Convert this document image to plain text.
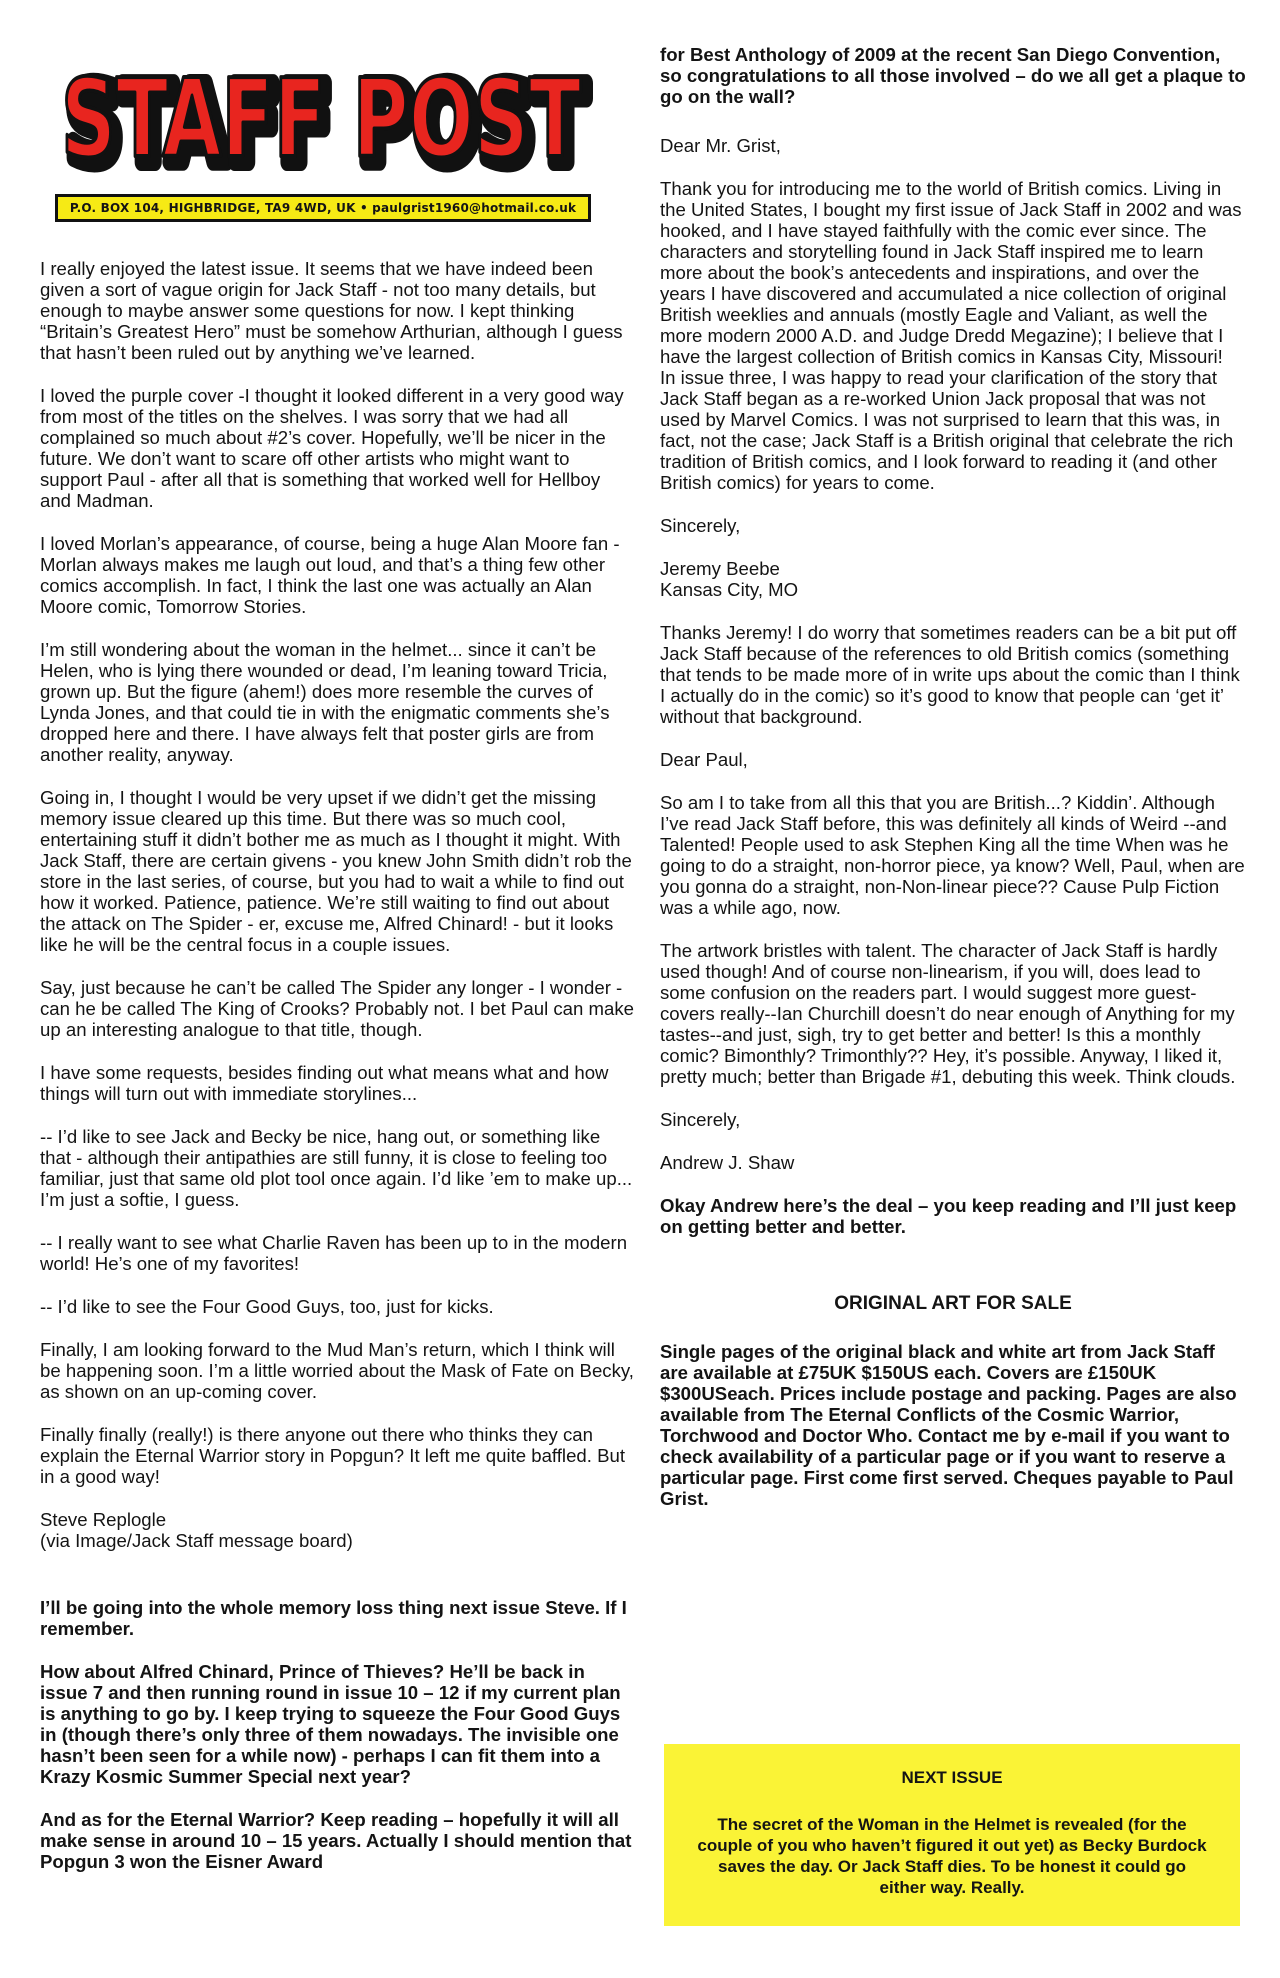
STAFF POST
STAFF POST
P.O. BOX 104, HIGHBRIDGE, TA9 4WD, UK • paulgrist1960@hotmail.co.uk

I really enjoyed the latest issue. It seems that we have indeed been given a sort of vague origin for Jack Staff - not too many details, but enough to maybe answer some questions for now. I kept thinking “Britain’s Greatest Hero” must be somehow Arthurian, although I guess that hasn’t been ruled out by anything we’ve learned.

I loved the purple cover -I thought it looked different in a very good way from most of the titles on the shelves. I was sorry that we had all complained so much about #2’s cover. Hopefully, we’ll be nicer in the future. We don’t want to scare off other artists who might want to support Paul - after all that is something that worked well for Hellboy and Madman.

I loved Morlan’s appearance, of course, being a huge Alan Moore fan - Morlan always makes me laugh out loud, and that’s a thing few other comics accomplish. In fact, I think the last one was actually an Alan Moore comic, Tomorrow Stories.

I’m still wondering about the woman in the helmet... since it can’t be Helen, who is lying there wounded or dead, I’m leaning toward Tricia, grown up. But the figure (ahem!) does more resemble the curves of Lynda Jones, and that could tie in with the enigmatic comments she’s dropped here and there. I have always felt that poster girls are from another reality, anyway.

Going in, I thought I would be very upset if we didn’t get the missing memory issue cleared up this time. But there was so much cool, entertaining stuff it didn’t bother me as much as I thought it might. With Jack Staff, there are certain givens - you knew John Smith didn’t rob the store in the last series, of course, but you had to wait a while to find out how it worked. Patience, patience. We’re still waiting to find out about the attack on The Spider - er, excuse me, Alfred Chinard! - but it looks like he will be the central focus in a couple issues.

Say, just because he can’t be called The Spider any longer - I wonder - can he be called The King of Crooks? Probably not. I bet Paul can make up an interesting analogue to that title, though.

I have some requests, besides finding out what means what and how things will turn out with immediate storylines...

-- I’d like to see Jack and Becky be nice, hang out, or something like that - although their antipathies are still funny, it is close to feeling too familiar, just that same old plot tool once again. I’d like ’em to make up... I’m just a softie, I guess.

-- I really want to see what Charlie Raven has been up to in the modern world! He’s one of my favorites!

-- I’d like to see the Four Good Guys, too, just for kicks.

Finally, I am looking forward to the Mud Man’s return, which I think will be happening soon. I’m a little worried about the Mask of Fate on Becky, as shown on an up-coming cover.

Finally finally (really!) is there anyone out there who thinks they can explain the Eternal Warrior story in Popgun? It left me quite baffled. But in a good way!

Steve Replogle

(via Image/Jack Staff message board)

I’ll be going into the whole memory loss thing next issue Steve. If I remember.

How about Alfred Chinard, Prince of Thieves? He’ll be back in issue 7 and then running round in issue 10 – 12 if my current plan is anything to go by. I keep trying to squeeze the Four Good Guys in (though there’s only three of them nowadays. The invisible one hasn’t been seen for a while now) - perhaps I can fit them into a Krazy Kosmic Summer Special next year?

And as for the Eternal Warrior? Keep reading – hopefully it will all make sense in around 10 – 15 years. Actually I should mention that Popgun 3 won the Eisner Award

for Best Anthology of 2009 at the recent San Diego Convention, so congratulations to all those involved – do we all get a plaque to go on the wall?

Dear Mr. Grist,

Thank you for introducing me to the world of British comics. Living in the United States, I bought my first issue of Jack Staff in 2002 and was hooked, and I have stayed faithfully with the comic ever since. The characters and storytelling found in Jack Staff inspired me to learn more about the book’s antecedents and inspirations, and over the years I have discovered and accumulated a nice collection of original British weeklies and annuals (mostly Eagle and Valiant, as well the more modern 2000 A.D. and Judge Dredd Megazine); I believe that I have the largest collection of British comics in Kansas City, Missouri!

In issue three, I was happy to read your clarification of the story that Jack Staff began as a re-worked Union Jack proposal that was not used by Marvel Comics. I was not surprised to learn that this was, in fact, not the case; Jack Staff is a British original that celebrate the rich tradition of British comics, and I look forward to reading it (and other British comics) for years to come.

Sincerely,

Jeremy Beebe

Kansas City, MO

Thanks Jeremy! I do worry that sometimes readers can be a bit put off Jack Staff because of the references to old British comics (something that tends to be made more of in write ups about the comic than I think I actually do in the comic) so it’s good to know that people can ‘get it’ without that background.

Dear Paul,

So am I to take from all this that you are British...? Kiddin’. Although I’ve read Jack Staff before, this was definitely all kinds of Weird --and Talented! People used to ask Stephen King all the time When was he going to do a straight, non-horror piece, ya know? Well, Paul, when are you gonna do a straight, non-Non-linear piece?? Cause Pulp Fiction was a while ago, now.

The artwork bristles with talent. The character of Jack Staff is hardly used though! And of course non-linearism, if you will, does lead to some confusion on the readers part. I would suggest more guest-covers really--Ian Churchill doesn’t do near enough of Anything for my tastes--and just, sigh, try to get better and better! Is this a monthly comic? Bimonthly? Trimonthly?? Hey, it’s possible. Anyway, I liked it, pretty much; better than Brigade #1, debuting this week. Think clouds.

Sincerely,

Andrew J. Shaw

Okay Andrew here’s the deal – you keep reading and I’ll just keep on getting better and better.

ORIGINAL ART FOR SALE

Single pages of the original black and white art from Jack Staff are available at £75UK $150US each. Covers are £150UK $300USeach. Prices include postage and packing. Pages are also available from The Eternal Conflicts of the Cosmic Warrior, Torchwood and Doctor Who. Contact me by e-mail if you want to check availability of a particular page or if you want to reserve a particular page. First come first served. Cheques payable to Paul Grist.

NEXT ISSUE
The secret of the Woman in the Helmet is revealed (for the couple of you who haven’t figured it out yet) as Becky Burdock saves the day. Or Jack Staff dies. To be honest it could go either way. Really.
